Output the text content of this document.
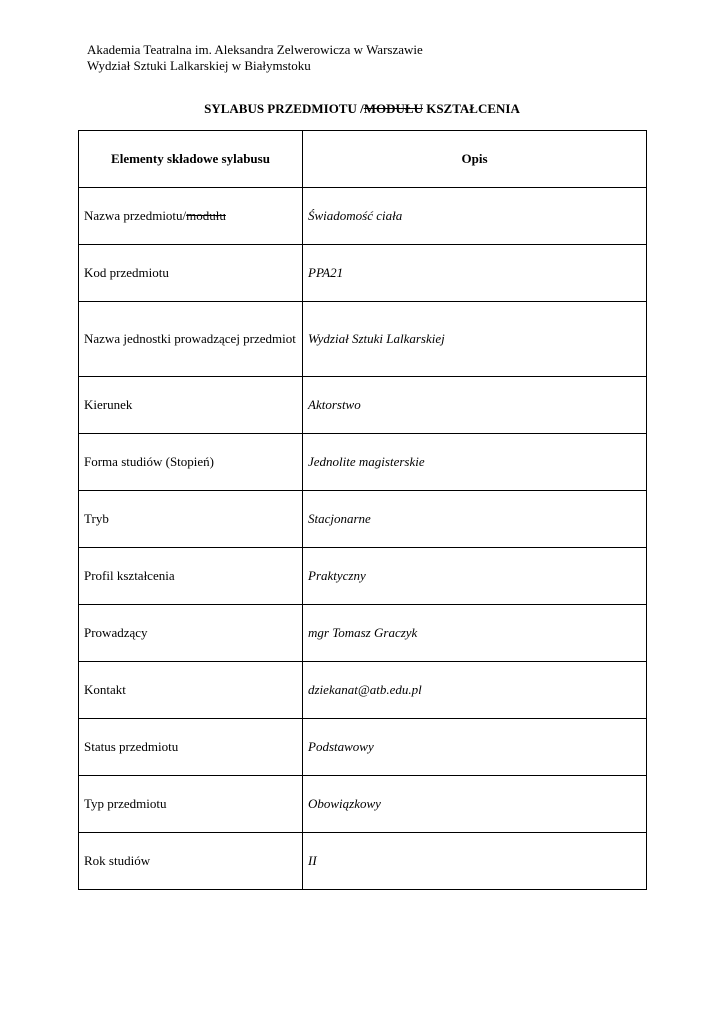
Akademia Teatralna im. Aleksandra Zelwerowicza w Warszawie
Wydział Sztuki Lalkarskiej w Białymstoku
SYLABUS PRZEDMIOTU /MODUŁU KSZTAŁCENIA
Elementy składowe sylabusu	Opis
Nazwa przedmiotu/modułu	Świadomość ciała
Kod przedmiotu	PPA21
Nazwa jednostki prowadzącej przedmiot	Wydział Sztuki Lalkarskiej
Kierunek	Aktorstwo
Forma studiów (Stopień)	Jednolite magisterskie
Tryb	Stacjonarne
Profil kształcenia	Praktyczny
Prowadzący	mgr Tomasz Graczyk
Kontakt	dziekanat@atb.edu.pl
Status przedmiotu	Podstawowy
Typ przedmiotu	Obowiązkowy
Rok studiów	II
